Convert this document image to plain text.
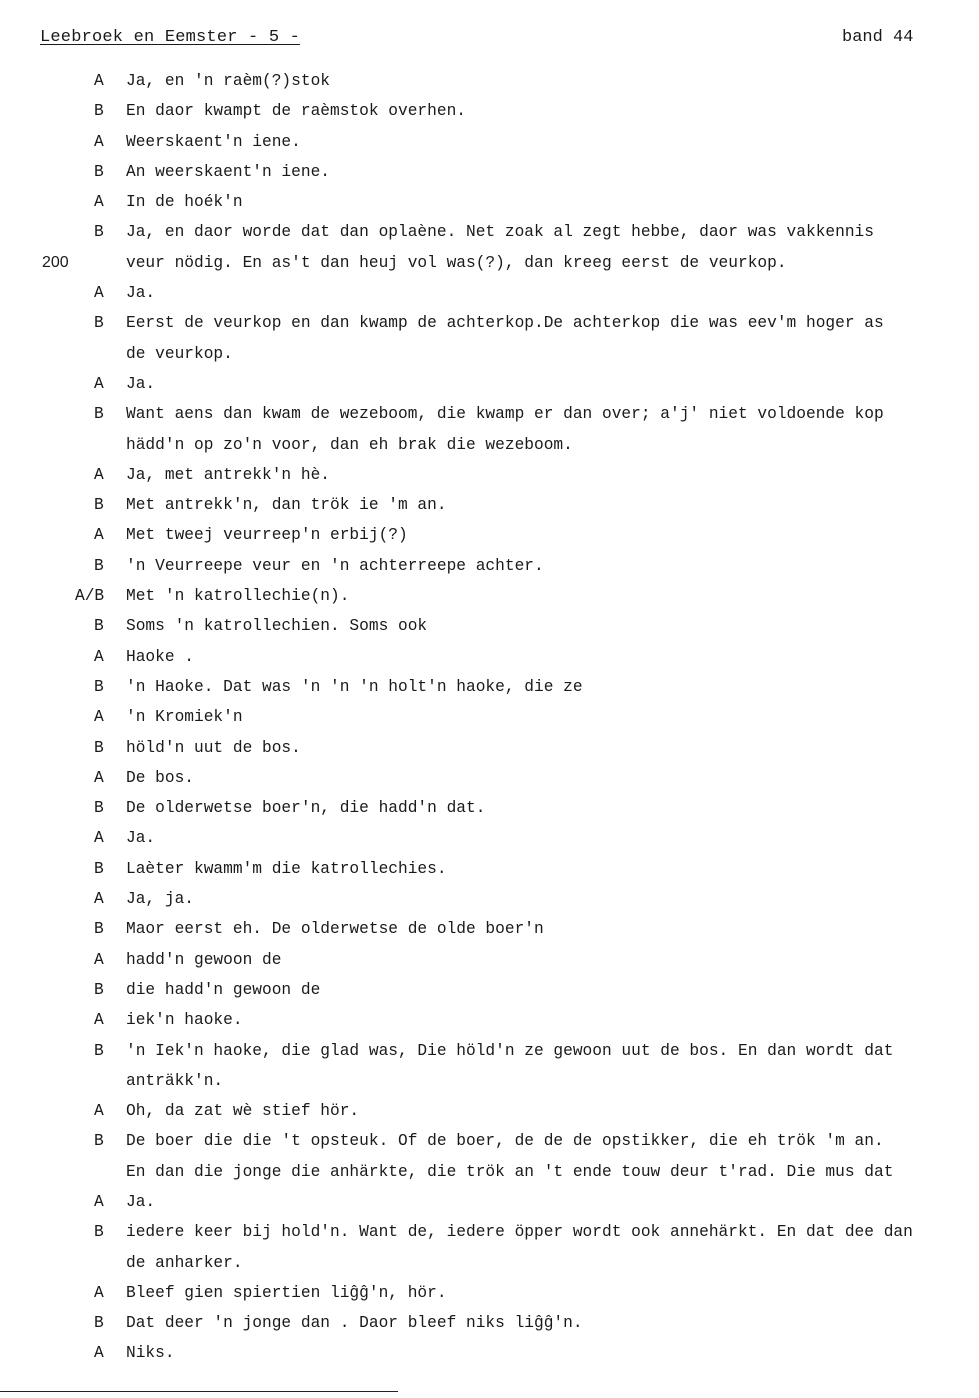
Leebroek en Eemster - 5 -	band 44
A	Ja, en 'n raèm(?)stok
B	En daor kwampt de raèmstok overhen.
A	Weerskaent'n iene.
B	An weerskaent'n iene.
A	In de hoék'n
B	Ja, en daor worde dat dan oplaène. Net zoak al zegt hebbe, daor was vakkennis
200	veur nödig. En as't dan heuj vol was(?), dan kreeg eerst de veurkop.
A	Ja.
B	Eerst de veurkop en dan kwamp de achterkop.De achterkop die was eev'm hoger as
de veurkop.
A	Ja.
B	Want aens dan kwam de wezeboom, die kwamp er dan over; a'j' niet voldoende kop
hädd'n op zo'n voor, dan eh brak die wezeboom.
A	Ja, met antrekk'n hè.
B	Met antrekk'n, dan trök ie 'm an.
A	Met tweej veurreep'n erbij(?)
B	'n Veurreepe veur en 'n achterreepe achter.
A/B	Met 'n katrollechie(n).
B	Soms 'n katrollechien. Soms ook
A	Haoke .
B	'n Haoke. Dat was 'n 'n 'n holt'n haoke, die ze
A	'n Kromiek'n
B	höld'n uut de bos.
A	De bos.
B	De olderwetse boer'n, die hadd'n dat.
A	Ja.
B	Laèter kwamm'm die katrollechies.
A	Ja, ja.
B	Maor eerst eh. De olderwetse de olde boer'n
A	hadd'n gewoon de
B	die hadd'n gewoon de
A	iek'n haoke.
B	'n Iek'n haoke, die glad was, Die höld'n ze gewoon uut de bos. En dan wordt dat
anträkk'n.
A	Oh, da zat wè stief hör.
B	De boer die die 't opsteuk. Of de boer, de de de opstikker, die eh trök 'm an.
En dan die jonge die anhärkte, die trök an 't ende touw deur t'rad. Die mus dat
A	Ja.
B	iedere keer bij hold'n. Want de, iedere öpper wordt ook annehärkt. En dat dee dan
de anharker.
A	Bleef gien spiertien liĝĝ'n, hör.
B	Dat deer 'n jonge dan . Daor bleef niks liĝĝ'n.
A	Niks.
